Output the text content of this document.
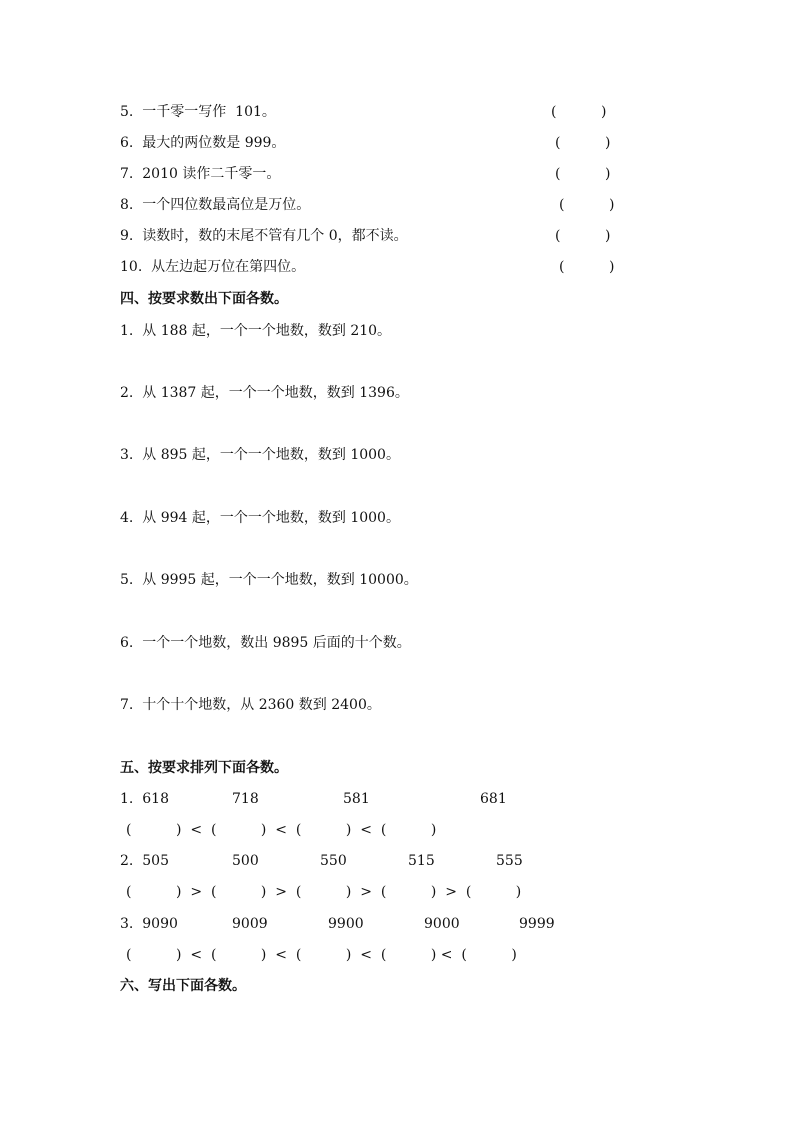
5.  一千零一写作  101。	(          )
6.  最大的两位数是 999。	(          )
7.  2010 读作二千零一。	(          )
8.  一个四位数最高位是万位。	(          )
9.  读数时，数的末尾不管有几个 0，都不读。	(          )
10.  从左边起万位在第四位。	(          )
四、按要求数出下面各数。
1.  从 188 起，一个一个地数，数到 210。
2.  从 1387 起，一个一个地数，数到 1396。
3.  从 895 起，一个一个地数，数到 1000。
4.  从 994 起，一个一个地数，数到 1000。
5.  从 9995 起，一个一个地数，数到 10000。
6.  一个一个地数，数出 9895 后面的十个数。
7.  十个十个地数，从 2360 数到 2400。
五、按要求排列下面各数。
1.  618	718	581	681
(          )  <  (          )  <  (          )  <  (          )
2.  505	500	550	515	555
(          )  >  (          )  >  (          )  >  (          )  >  (          )
3.  9090	9009	9900	9000	9999
(          )  <  (          )  <  (          )  <  (          ) <  (          )
六、写出下面各数。
